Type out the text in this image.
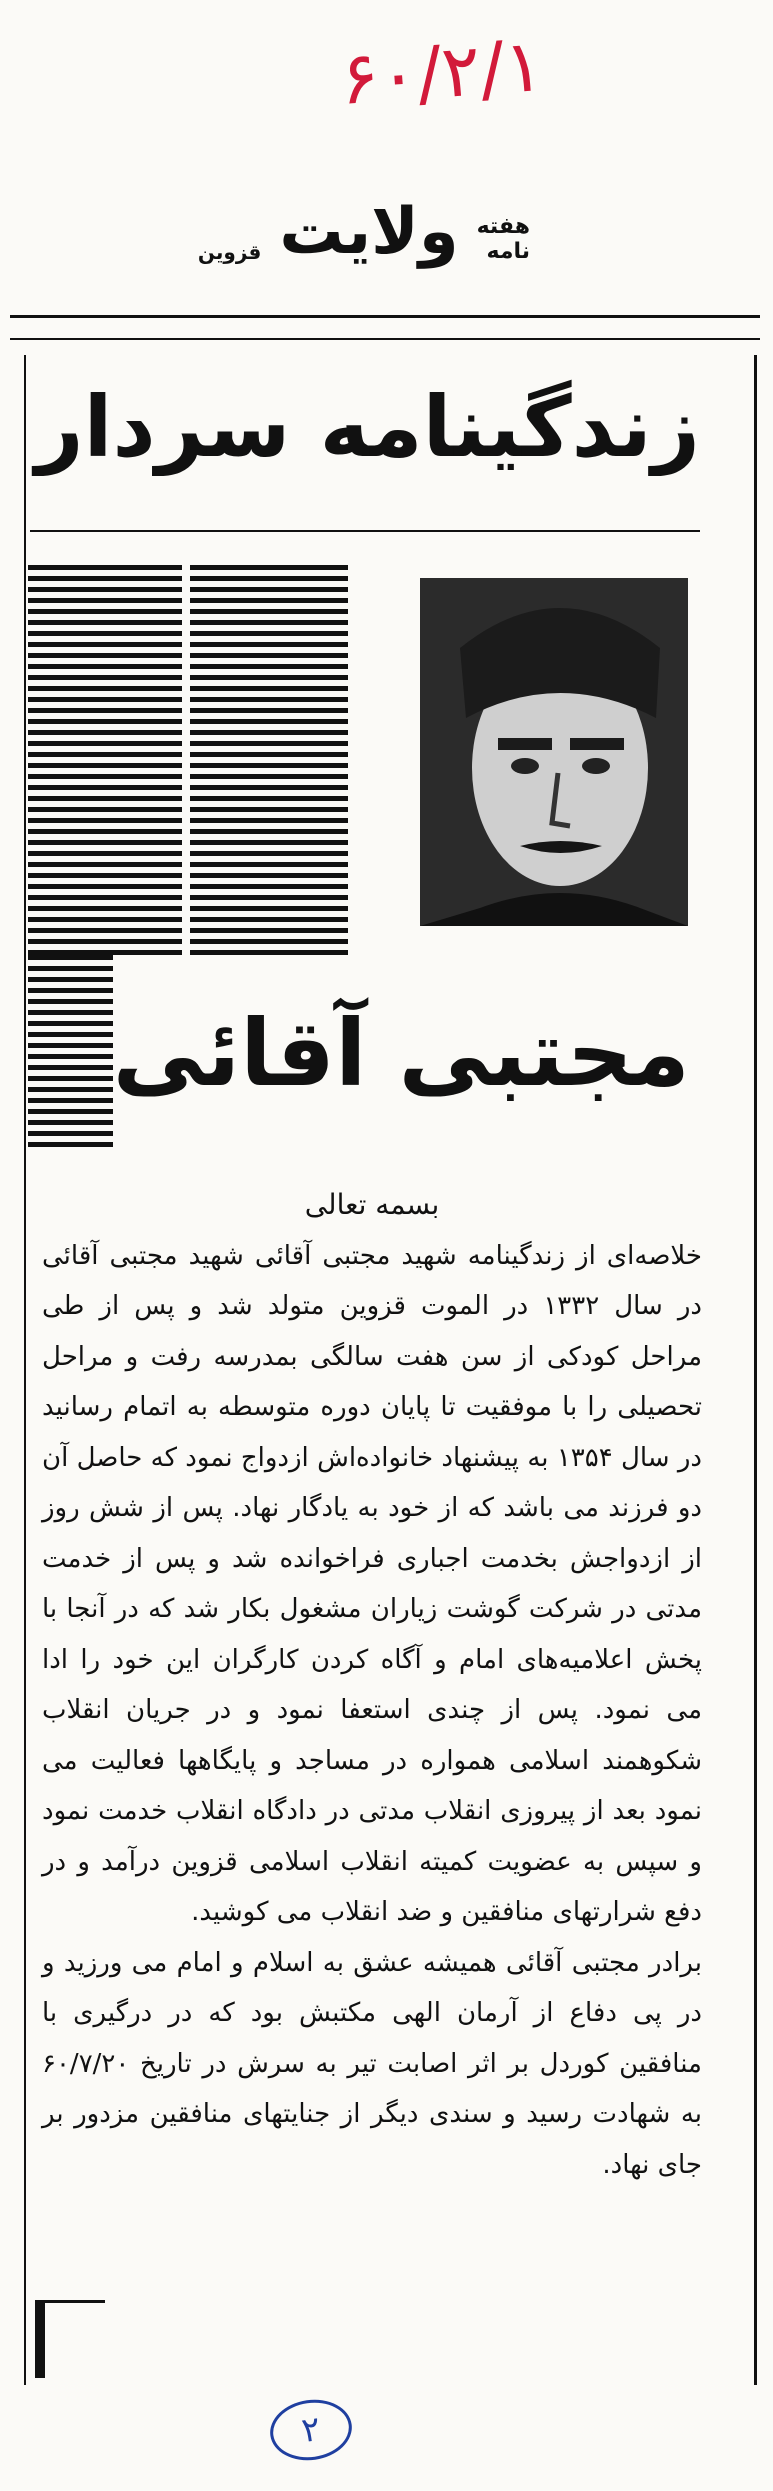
۶۰/۲/۱
هفته نامه
ولایت
قزوین
زندگینامه سردار
مجتبی آقائی

بسمه تعالی

خلاصه‌ای از زندگینامه شهید مجتبی آقائی شهید مجتبی آقائی در سال ۱۳۳۲ در الموت قزوین متولد شد و پس از طی مراحل کودکی از سن هفت سالگی بمدرسه رفت و مراحل تحصیلی را با موفقیت تا پایان دوره متوسطه به اتمام رسانید در سال ۱۳۵۴ به پیشنهاد خانواده‌اش ازدواج نمود که حاصل آن دو فرزند می باشد که از خود به یادگار نهاد. پس از شش روز از ازدواجش بخدمت اجباری فراخوانده شد و پس از خدمت مدتی در شرکت گوشت زیاران مشغول بکار شد که در آنجا با پخش اعلامیه‌های امام و آگاه کردن کارگران این خود را ادا می نمود. پس از چندی استعفا نمود و در جریان انقلاب شکوهمند اسلامی همواره در مساجد و پایگاهها فعالیت می نمود بعد از پیروزی انقلاب مدتی در دادگاه انقلاب خدمت نمود و سپس به عضویت کمیته انقلاب اسلامی قزوین درآمد و در دفع شرارتهای منافقین و ضد انقلاب می کوشید.

برادر مجتبی آقائی همیشه عشق به اسلام و امام می ورزید و در پی دفاع از آرمان الهی مکتبش بود که در درگیری با منافقین کوردل بر اثر اصابت تیر به سرش در تاریخ ۶۰/۷/۲۰ به شهادت رسید و سندی دیگر از جنایتهای منافقین مزدور بر جای نهاد.

۲
